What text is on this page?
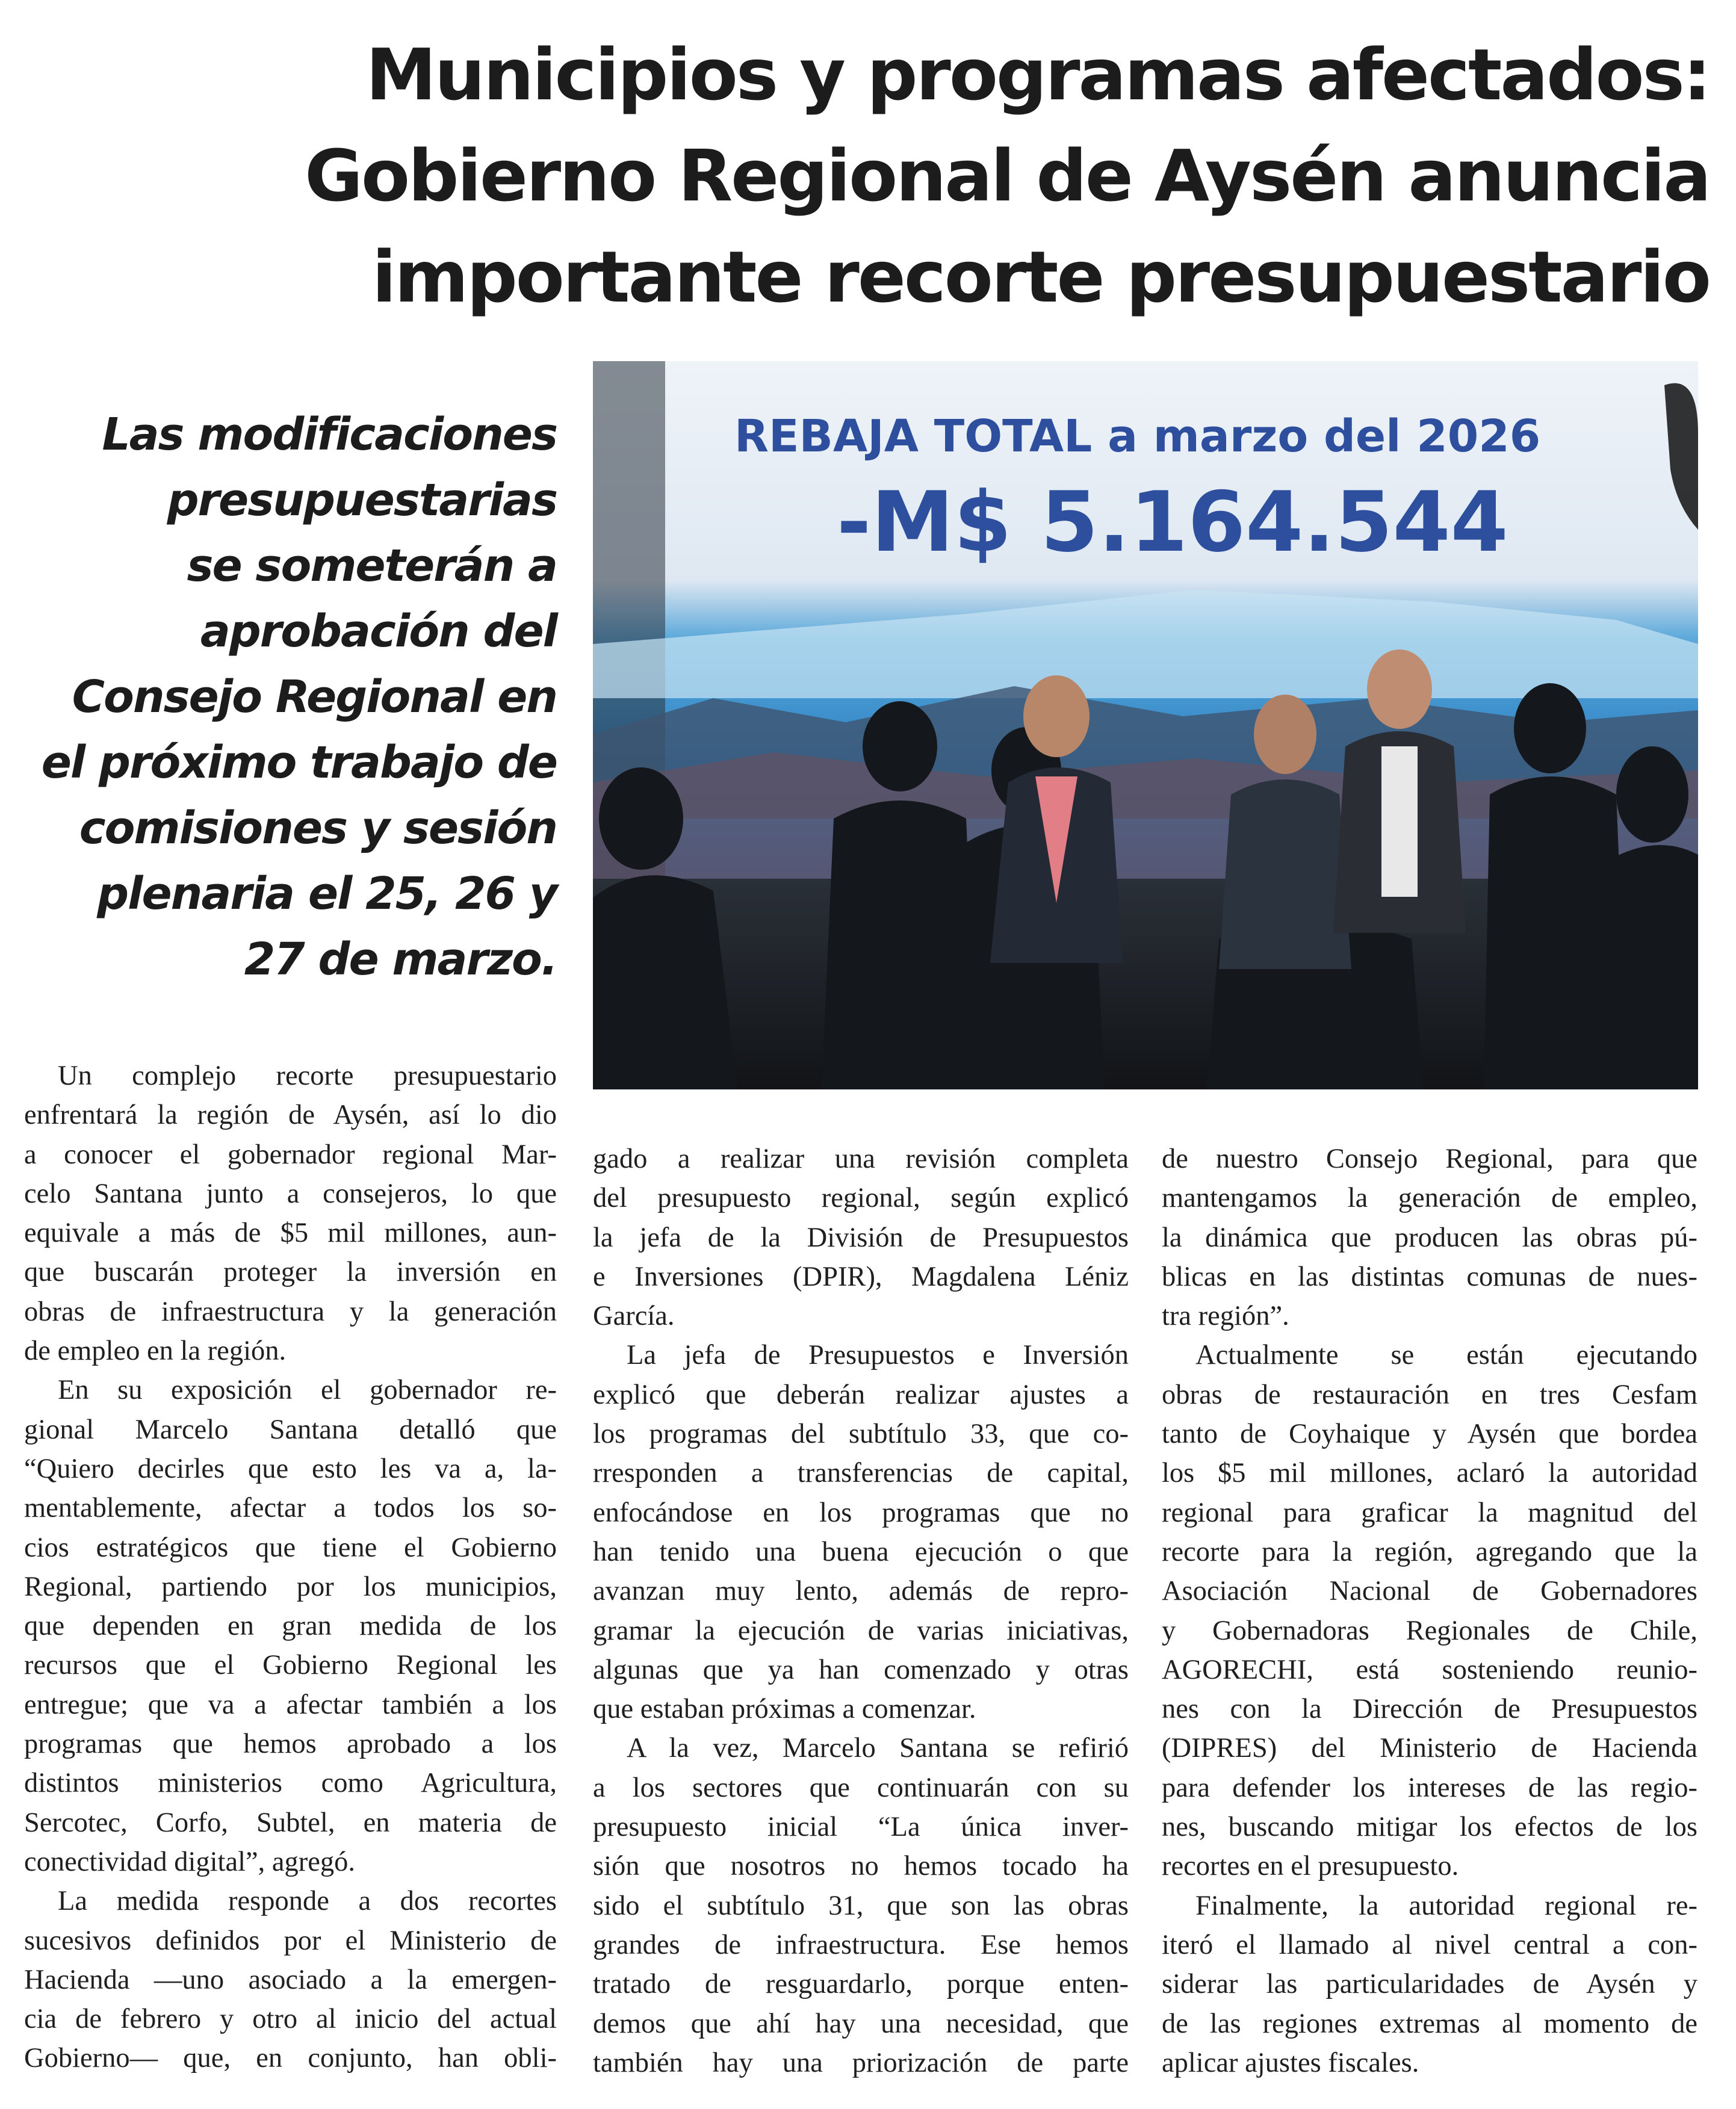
Municipios y programas afectados:
Gobierno Regional de Aysén anuncia
importante recorte presupuestario
Las modificaciones
presupuestarias
se someterán a
aprobación del
Consejo Regional en
el próximo trabajo de
comisiones y sesión
plenaria el 25, 26 y
27 de marzo.
REBAJA TOTAL a marzo del 2026
-M$ 5.164.544

Un complejo recorte presupuestario
enfrentará la región de Aysén, así lo dio
a conocer el gobernador regional Mar-
celo Santana junto a consejeros, lo que
equivale a más de $5 mil millones, aun-
que buscarán proteger la inversión en
obras de infraestructura y la generación
de empleo en la región.

En su exposición el gobernador re-
gional Marcelo Santana detalló que
“Quiero decirles que esto les va a, la-
mentablemente, afectar a todos los so-
cios estratégicos que tiene el Gobierno
Regional, partiendo por los municipios,
que dependen en gran medida de los
recursos que el Gobierno Regional les
entregue; que va a afectar también a los
programas que hemos aprobado a los
distintos ministerios como Agricultura,
Sercotec, Corfo, Subtel, en materia de
conectividad digital”, agregó.

La medida responde a dos recortes
sucesivos definidos por el Ministerio de
Hacienda —uno asociado a la emergen-
cia de febrero y otro al inicio del actual
Gobierno— que, en conjunto, han obli-

gado a realizar una revisión completa
del presupuesto regional, según explicó
la jefa de la División de Presupuestos
e Inversiones (DPIR), Magdalena Léniz
García.

La jefa de Presupuestos e Inversión
explicó que deberán realizar ajustes a
los programas del subtítulo 33, que co-
rresponden a transferencias de capital,
enfocándose en los programas que no
han tenido una buena ejecución o que
avanzan muy lento, además de repro-
gramar la ejecución de varias iniciativas,
algunas que ya han comenzado y otras
que estaban próximas a comenzar.

A la vez, Marcelo Santana se refirió
a los sectores que continuarán con su
presupuesto inicial “La única inver-
sión que nosotros no hemos tocado ha
sido el subtítulo 31, que son las obras
grandes de infraestructura. Ese hemos
tratado de resguardarlo, porque enten-
demos que ahí hay una necesidad, que
también hay una priorización de parte

de nuestro Consejo Regional, para que
mantengamos la generación de empleo,
la dinámica que producen las obras pú-
blicas en las distintas comunas de nues-
tra región”.

Actualmente se están ejecutando
obras de restauración en tres Cesfam
tanto de Coyhaique y Aysén que bordea
los $5 mil millones, aclaró la autoridad
regional para graficar la magnitud del
recorte para la región, agregando que la
Asociación Nacional de Gobernadores
y Gobernadoras Regionales de Chile,
AGORECHI, está sosteniendo reunio-
nes con la Dirección de Presupuestos
(DIPRES) del Ministerio de Hacienda
para defender los intereses de las regio-
nes, buscando mitigar los efectos de los
recortes en el presupuesto.

Finalmente, la autoridad regional re-
iteró el llamado al nivel central a con-
siderar las particularidades de Aysén y
de las regiones extremas al momento de
aplicar ajustes fiscales.
